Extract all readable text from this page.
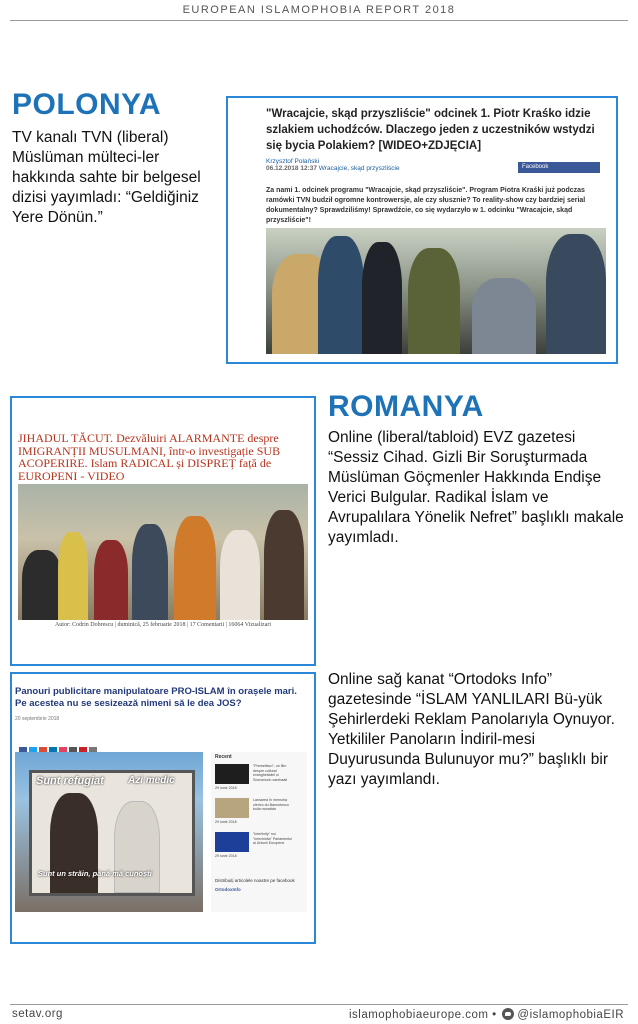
EUROPEAN ISLAMOPHOBIA REPORT 2018
POLONYA
TV kanalı TVN (liberal) Müslüman mülteci-ler hakkında sahte bir belgesel dizisi yayımladı: “Geldiğiniz Yere Dönün.”

"Wracajcie, skąd przyszliście" odcinek 1. Piotr Kraśko idzie szlakiem uchodźców. Dlaczego jeden z uczestników wstydzi się bycia Polakiem? [WIDEO+ZDJĘCIA]

Krzysztof Polański
06.12.2018 12:37 Wracajcie, skąd przyszliście	Facebook
Za nami 1. odcinek programu "Wracajcie, skąd przyszliście". Program Piotra Kraśki już podczas ramówki TVN budził ogromne kontrowersje, ale czy słusznie? To reality-show czy bardziej serial dokumentalny? Sprawdziliśmy! Sprawdźcie, co się wydarzyło w 1. odcinku "Wracajcie, skąd przyszliście"!

JIHADUL TĂCUT. Dezvăluiri ALARMANTE despre IMIGRANȚII MUSULMANI, într-o investigație SUB ACOPERIRE. Islam RADICAL și DISPREȚ față de EUROPENI - VIDEO

Autor: Codrin Dobrescu | duminică, 25 februarie 2018 | 17 Comentarii | 16064 Vizualizari
ROMANYA
Online (liberal/tabloid) EVZ gazetesi “Sessiz Cihad. Gizli Bir Soruşturmada Müslüman Göçmenler Hakkında Endişe Verici Bulgular. Radikal İslam ve Avrupalılara Yönelik Nefret” başlıklı makale yayımladı.

Panouri publicitare manipulatoare PRO-ISLAM în orașele mari. Pe acestea nu se sesizează nimeni să le dea JOS?

20 septembrie 2018
Sunt refugiat Azi medic
Sunt un străin, până mă cunoști
Recent
"Premelfavo", un film despre cultural evanghelizării și Sovromuriu varebaati
29 iunie 2018
Lansarea în memoria ulerico du Bamurtoscu bulla moraticie
29 iunie 2018
"Interlinity" noi "neechivita" Parlamentul al Uniunii Europene
29 iunie 2018
Distribuiți articolele noastre pe facebook
OrtodoxInfo
Online sağ kanat “Ortodoks Info” gazetesinde “İSLAM YANLILARI Bü-yük Şehirlerdeki Reklam Panolarıyla Oynuyor. Yetkililer Panoların İndiril-mesi Duyurusunda Bulunuyor mu?” başlıklı bir yazı yayımlandı.
setav.org	islamophobiaeurope.com • @islamophobiaEIR
